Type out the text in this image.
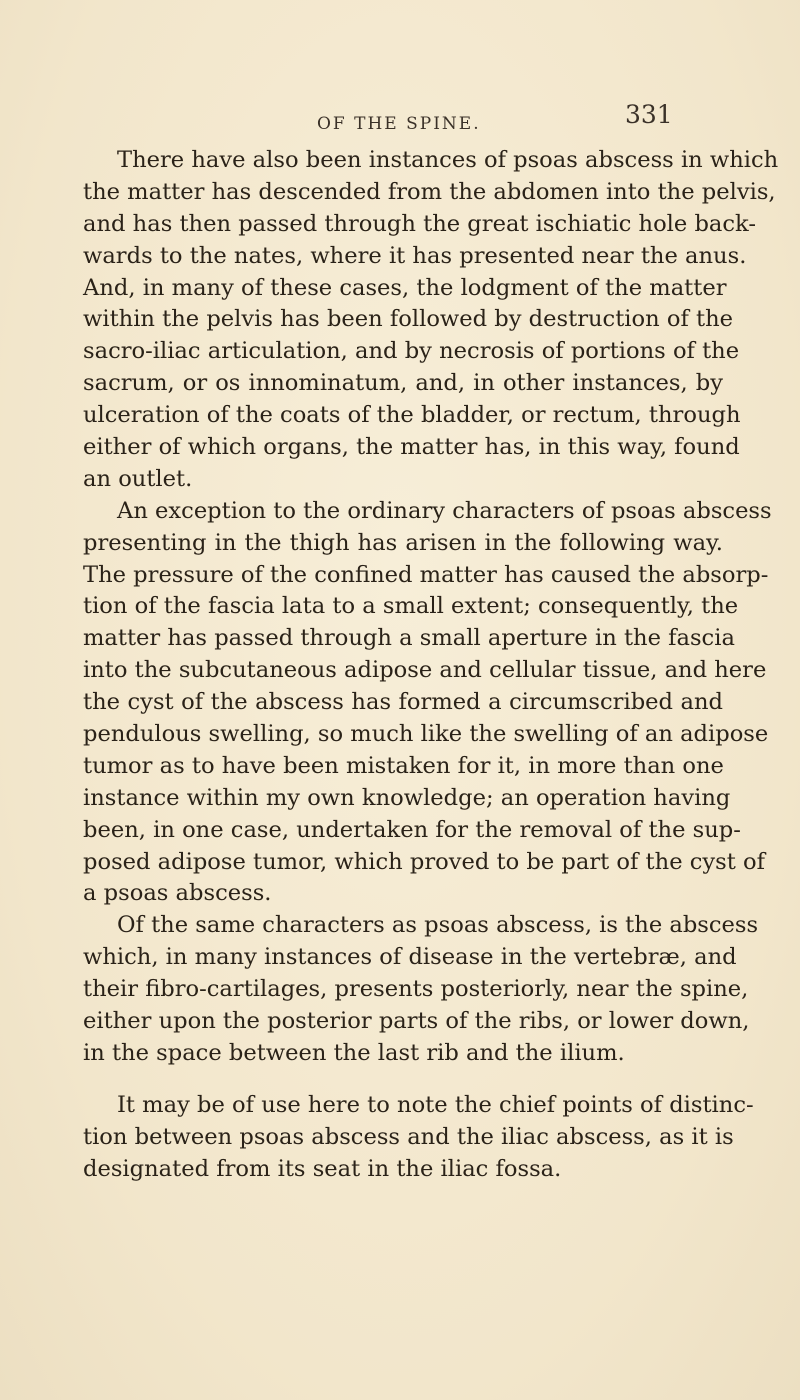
OF THE SPINE.	331
There have also been instances of psoas abscess in which
the matter has descended from the abdomen into the pelvis,
and has then passed through the great ischiatic hole back-
wards to the nates, where it has presented near the anus.
And, in many of these cases, the lodgment of the matter
within the pelvis has been followed by destruction of the
sacro-iliac articulation, and by necrosis of portions of the
sacrum, or os innominatum, and, in other instances, by
ulceration of the coats of the bladder, or rectum, through
either of which organs, the matter has, in this way, found
an outlet.
An exception to the ordinary characters of psoas abscess
presenting in the thigh has arisen in the following way.
The pressure of the confined matter has caused the absorp-
tion of the fascia lata to a small extent; consequently, the
matter has passed through a small aperture in the fascia
into the subcutaneous adipose and cellular tissue, and here
the cyst of the abscess has formed a circumscribed and
pendulous swelling, so much like the swelling of an adipose
tumor as to have been mistaken for it, in more than one
instance within my own knowledge; an operation having
been, in one case, undertaken for the removal of the sup-
posed adipose tumor, which proved to be part of the cyst of
a psoas abscess.
Of the same characters as psoas abscess, is the abscess
which, in many instances of disease in the vertebræ, and
their fibro-cartilages, presents posteriorly, near the spine,
either upon the posterior parts of the ribs, or lower down,
in the space between the last rib and the ilium.
It may be of use here to note the chief points of distinc-
tion between psoas abscess and the iliac abscess, as it is
designated from its seat in the iliac fossa.
